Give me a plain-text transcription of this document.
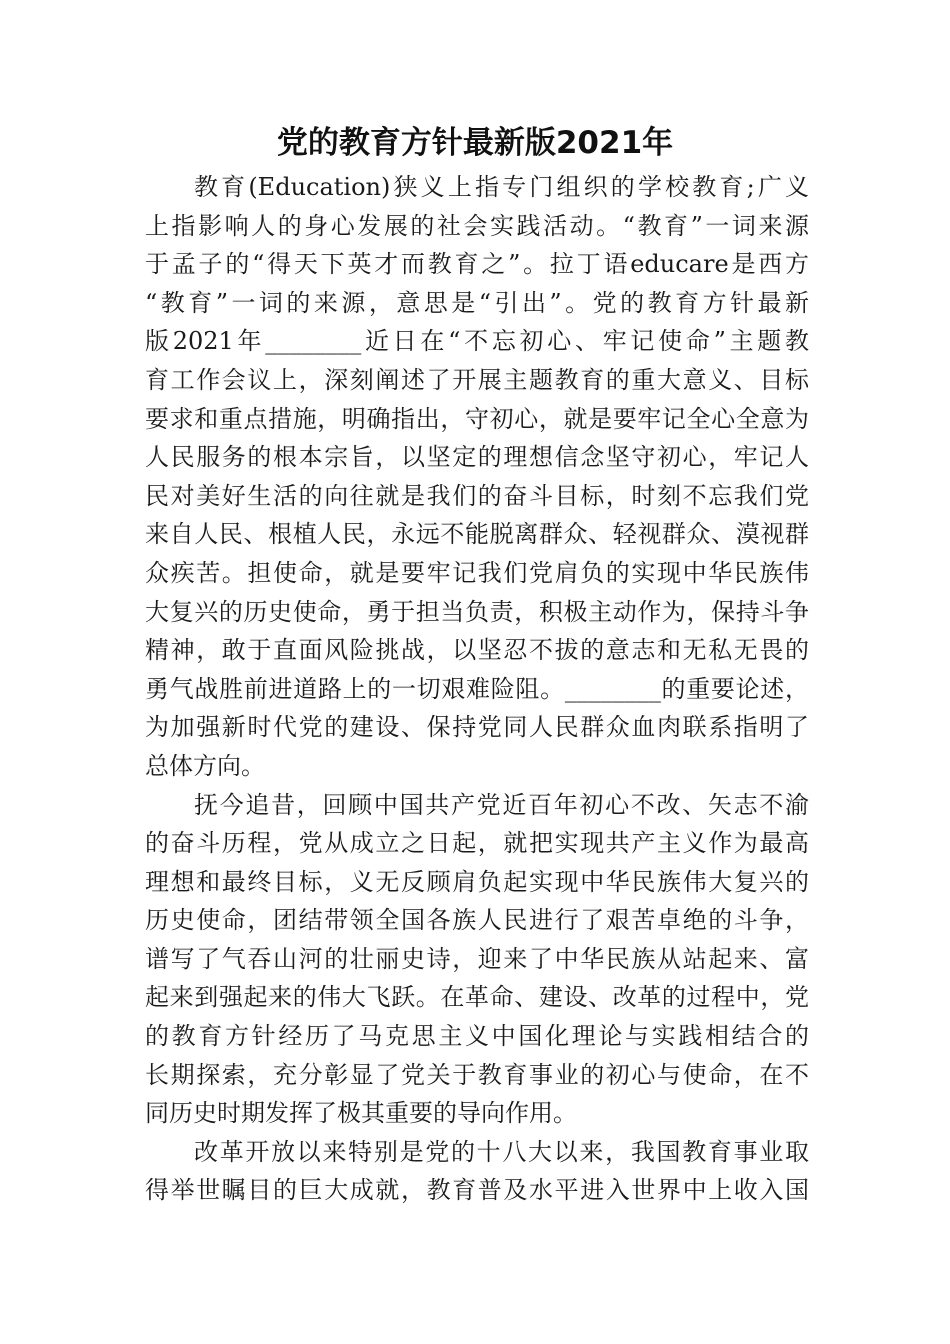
党的教育方针最新版2021年
教育(Education)狭义上指专门组织的学校教育;广义
上指影响人的身心发展的社会实践活动。“教育”一词来源
于孟子的“得天下英才而教育之”。拉丁语educare是西方
“教育”一词的来源，意思是“引出”。党的教育方针最新
版2021年________近日在“不忘初心、牢记使命”主题教
育工作会议上，深刻阐述了开展主题教育的重大意义、目标
要求和重点措施，明确指出，守初心，就是要牢记全心全意为
人民服务的根本宗旨，以坚定的理想信念坚守初心，牢记人
民对美好生活的向往就是我们的奋斗目标，时刻不忘我们党
来自人民、根植人民，永远不能脱离群众、轻视群众、漠视群
众疾苦。担使命，就是要牢记我们党肩负的实现中华民族伟
大复兴的历史使命，勇于担当负责，积极主动作为，保持斗争
精神，敢于直面风险挑战，以坚忍不拔的意志和无私无畏的
勇气战胜前进道路上的一切艰难险阻。________的重要论述，
为加强新时代党的建设、保持党同人民群众血肉联系指明了
总体方向。
抚今追昔，回顾中国共产党近百年初心不改、矢志不渝
的奋斗历程，党从成立之日起，就把实现共产主义作为最高
理想和最终目标，义无反顾肩负起实现中华民族伟大复兴的
历史使命，团结带领全国各族人民进行了艰苦卓绝的斗争，
谱写了气吞山河的壮丽史诗，迎来了中华民族从站起来、富
起来到强起来的伟大飞跃。在革命、建设、改革的过程中，党
的教育方针经历了马克思主义中国化理论与实践相结合的
长期探索，充分彰显了党关于教育事业的初心与使命，在不
同历史时期发挥了极其重要的导向作用。
改革开放以来特别是党的十八大以来，我国教育事业取
得举世瞩目的巨大成就，教育普及水平进入世界中上收入国
